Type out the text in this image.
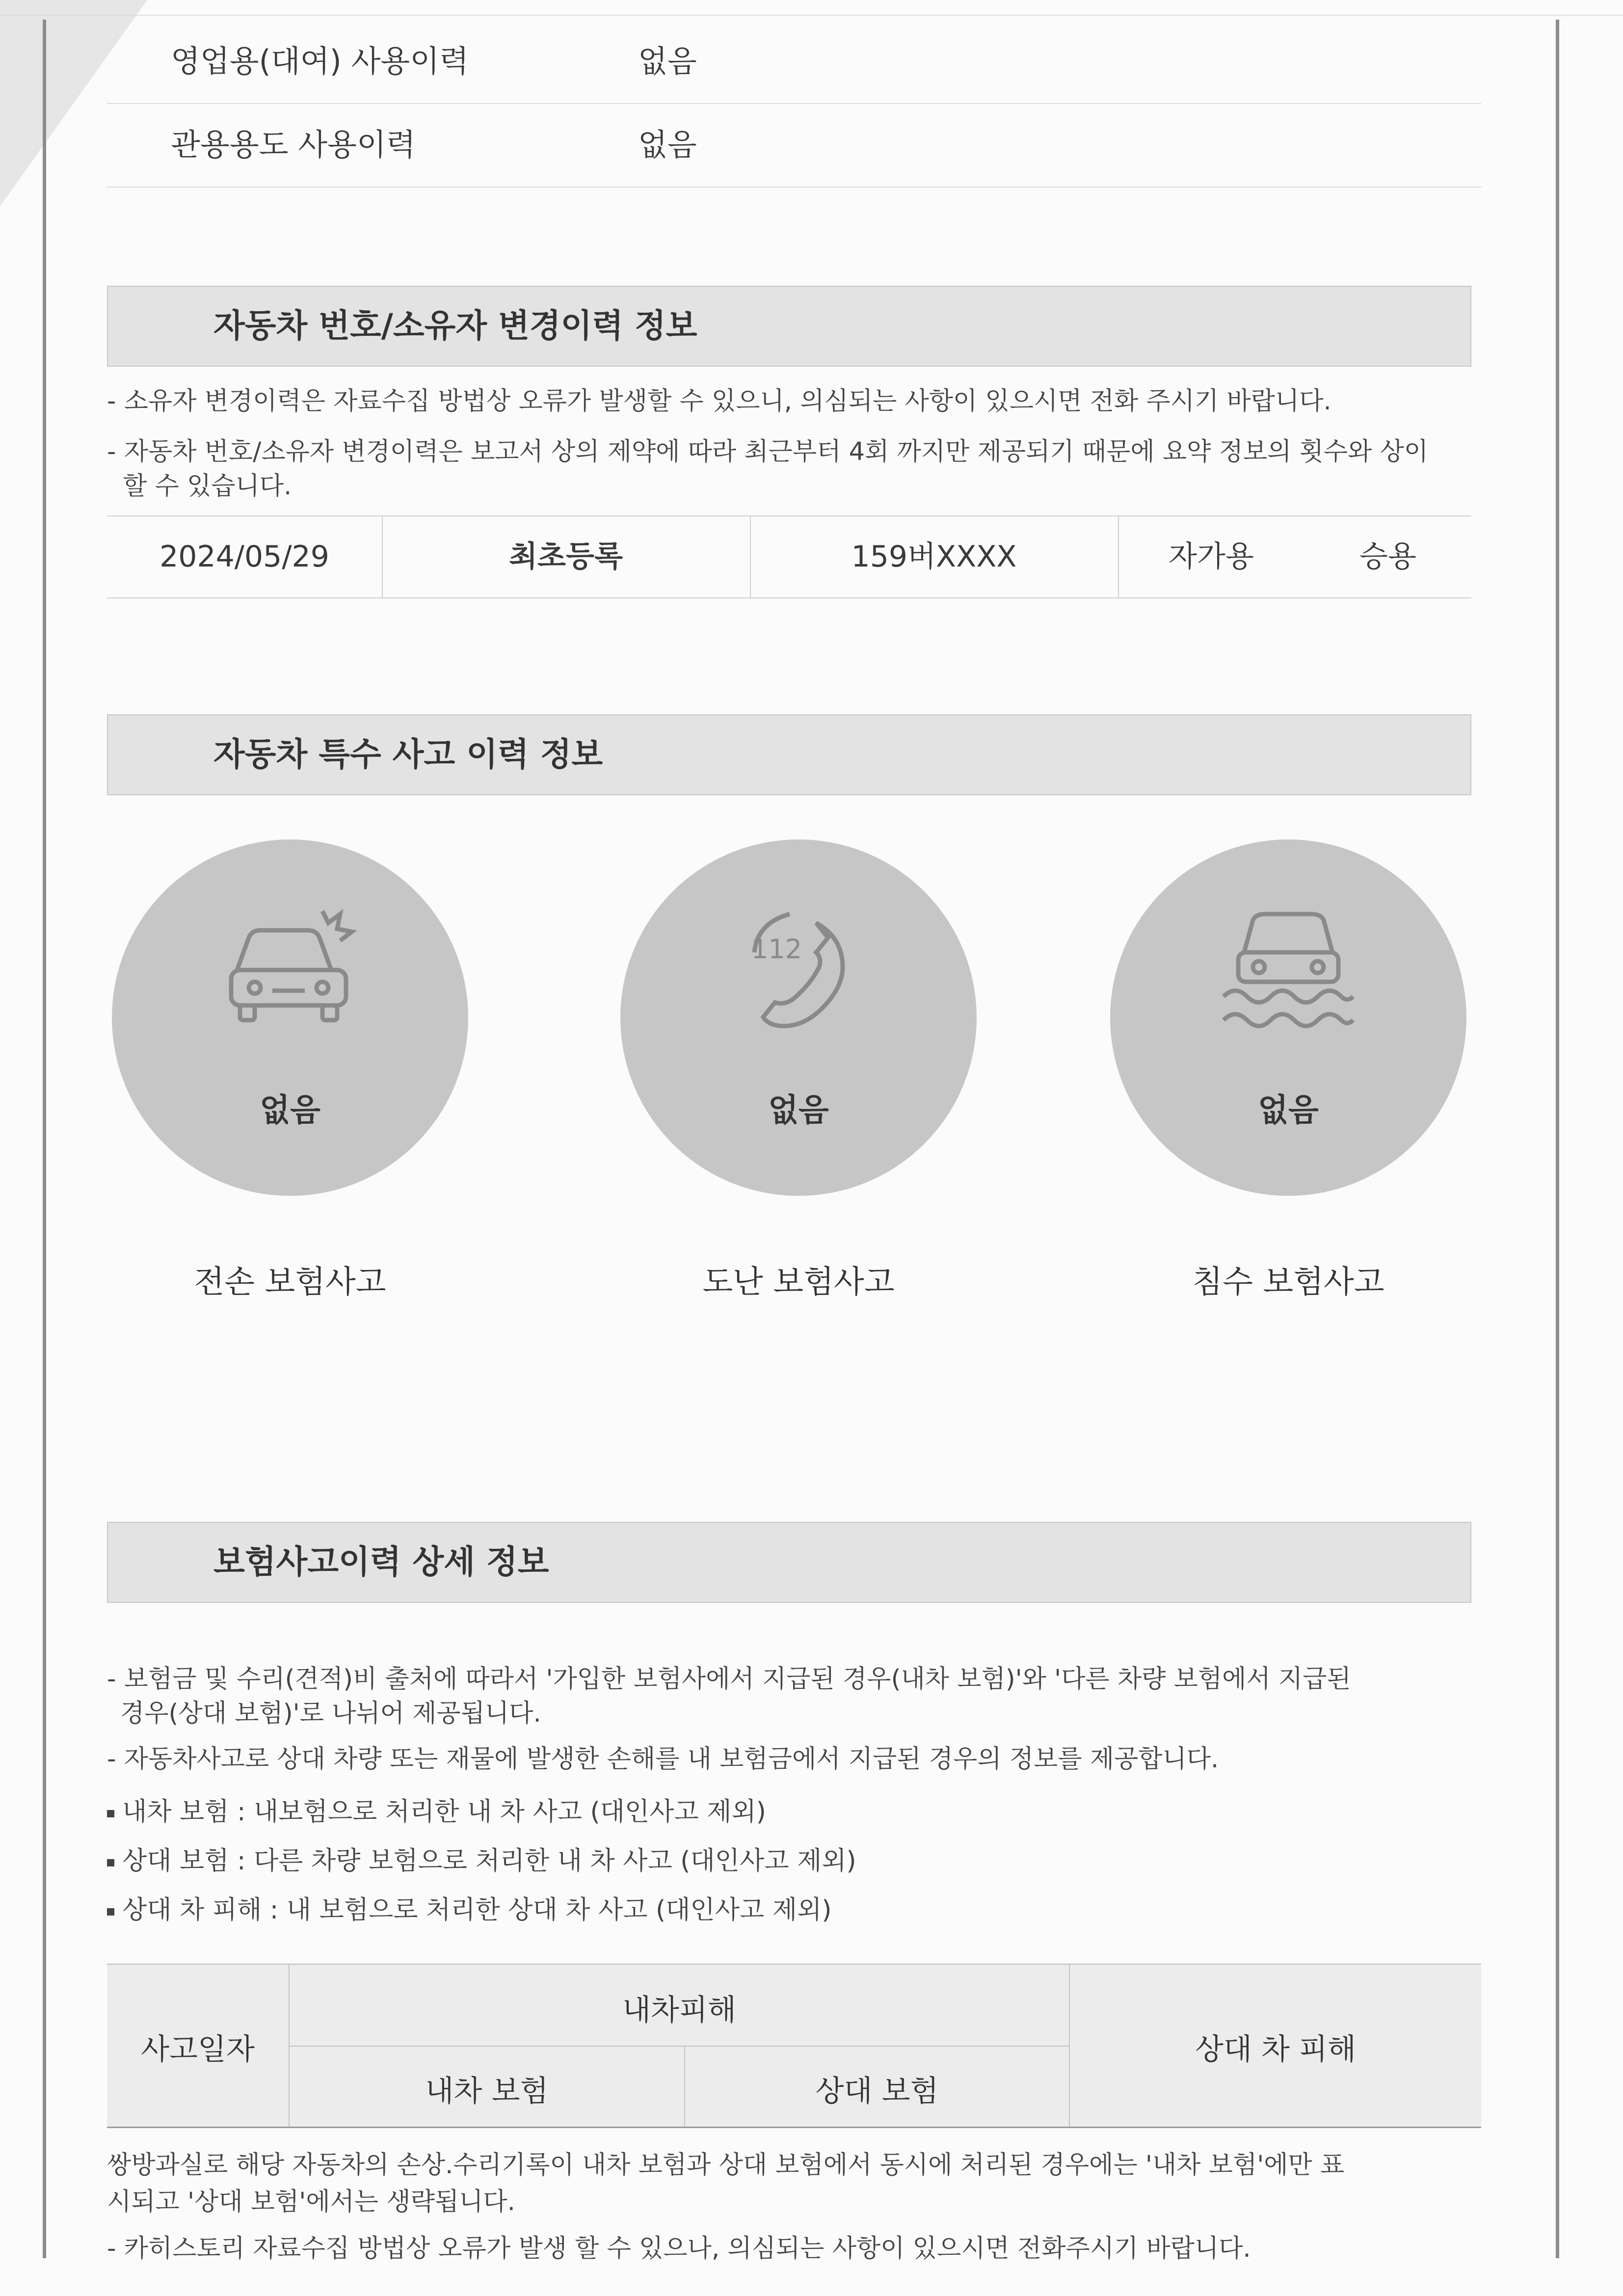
영업용(대여) 사용이력	없음
관용용도 사용이력	없음
자동차 번호/소유자 변경이력 정보
- 소유자 변경이력은 자료수집 방법상 오류가 발생할 수 있으니, 의심되는 사항이 있으시면 전화 주시기 바랍니다.
- 자동차 번호/소유자 변경이력은 보고서 상의 제약에 따라 최근부터 4회 까지만 제공되기 때문에 요약 정보의 횟수와 상이
할 수 있습니다.
2024/05/29	최초등록	159버XXXX	자가용	승용
자동차 특수 사고 이력 정보
없음
전손 보험사고
112
없음
도난 보험사고
없음
침수 보험사고
보험사고이력 상세 정보
- 보험금 및 수리(견적)비 출처에 따라서 '가입한 보험사에서 지급된 경우(내차 보험)'와 '다른 차량 보험에서 지급된
경우(상대 보험)'로 나뉘어 제공됩니다.
- 자동차사고로 상대 차량 또는 재물에 발생한 손해를 내 보험금에서 지급된 경우의 정보를 제공합니다.
내차 보험 : 내보험으로 처리한 내 차 사고 (대인사고 제외)
상대 보험 : 다른 차량 보험으로 처리한 내 차 사고 (대인사고 제외)
상대 차 피해 : 내 보험으로 처리한 상대 차 사고 (대인사고 제외)
사고일자
내차피해
내차 보험	상대 보험
상대 차 피해
쌍방과실로 해당 자동차의 손상.수리기록이 내차 보험과 상대 보험에서 동시에 처리된 경우에는 '내차 보험'에만 표
시되고 '상대 보험'에서는 생략됩니다.
- 카히스토리 자료수집 방법상 오류가 발생 할 수 있으나, 의심되는 사항이 있으시면 전화주시기 바랍니다.
